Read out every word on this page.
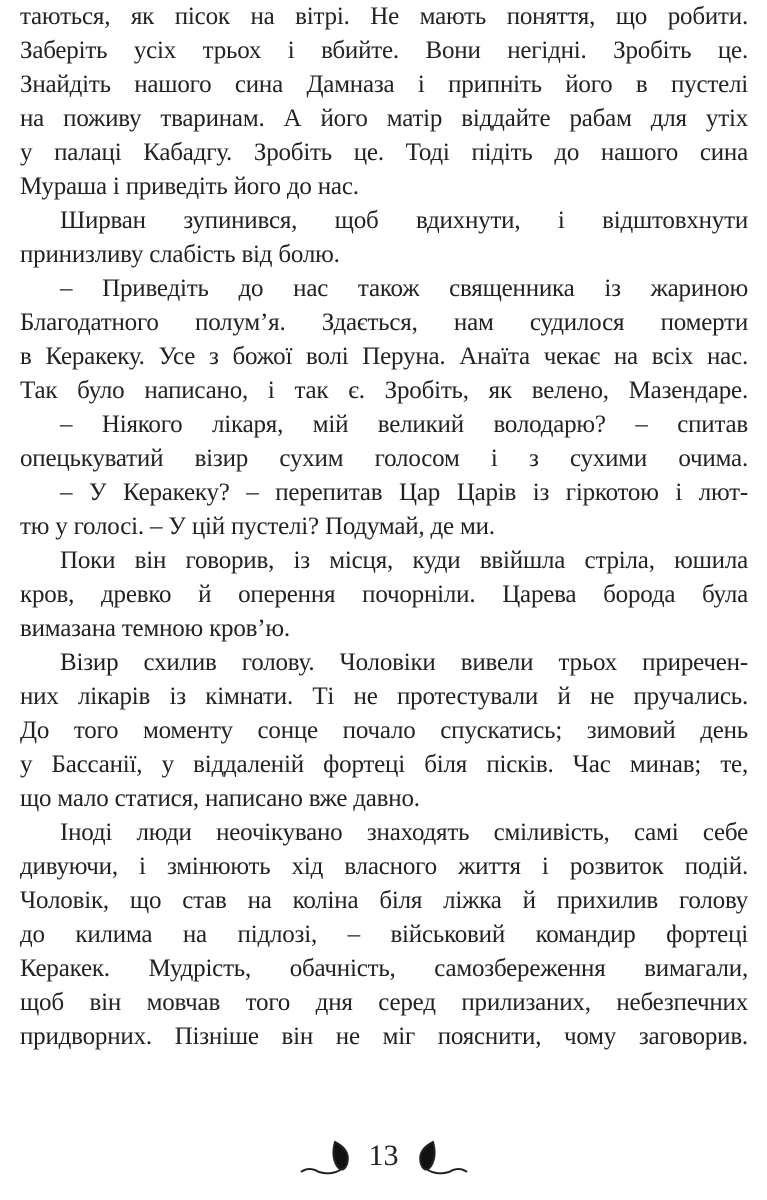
таються, як пісок на вітрі. Не мають поняття, що робити.
Заберіть усіх трьох і вбийте. Вони негідні. Зробіть це.
Знайдіть нашого сина Дамназа і припніть його в пустелі
на поживу тваринам. А його матір віддайте рабам для утіх
у палаці Кабадгу. Зробіть це. Тоді підіть до нашого сина
Мураша і приведіть його до нас.
Ширван зупинився, щоб вдихнути, і відштовхнути
принизливу слабість від болю.
– Приведіть до нас також священника із жариною
Благодатного полум’я. Здається, нам судилося померти
в Керакеку. Усе з божої волі Перуна. Анаїта чекає на всіх нас.
Так було написано, і так є. Зробіть, як велено, Мазендаре.
– Ніякого лікаря, мій великий володарю? – спитав
опецькуватий візир сухим голосом і з сухими очима.
– У Керакеку? – перепитав Цар Царів із гіркотою і лют-
тю у голосі. – У цій пустелі? Подумай, де ми.
Поки він говорив, із місця, куди ввійшла стріла, юшила
кров, древко й оперення почорніли. Царева борода була
вимазана темною кров’ю.
Візир схилив голову. Чоловіки вивели трьох приречен-
них лікарів із кімнати. Ті не протестували й не пручались.
До того моменту сонце почало спускатись; зимовий день
у Бассанії, у віддаленій фортеці біля пісків. Час минав; те,
що мало статися, написано вже давно.
Іноді люди неочікувано знаходять сміливість, самі себе
дивуючи, і змінюють хід власного життя і розвиток подій.
Чоловік, що став на коліна біля ліжка й прихилив голову
до килима на підлозі, – військовий командир фортеці
Керакек. Мудрість, обачність, самозбереження вимагали,
щоб він мовчав того дня серед прилизаних, небезпечних
придворних. Пізніше він не міг пояснити, чому заговорив.
13
